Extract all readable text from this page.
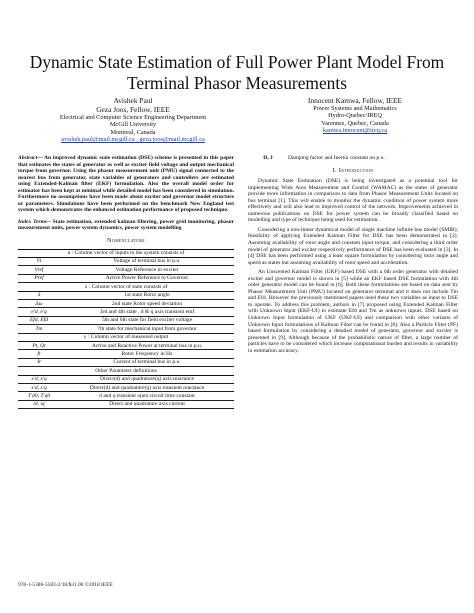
Dynamic State Estimation of Full Power Plant Model From Terminal Phasor Measurements
Avishek Paul
Geza Joos, Fellow, IEEE
Electrical and Computer Science Engineering Department
McGill University
Montreal, Canada
avishek.paul@mail.mcgill.ca , geza.joos@mail.mcgill.ca
Innocent Kamwa, Fellow, IEEE
Power Systems and Mathematics
Hydro-Quebec/IREQ
Varennes, Quebec, Canada
kamwa.innocent@ireq.ca

Abstract— An improved dynamic state estimation (DSE) scheme is presented in this paper that estimates the states of generator as well as exciter field voltage and output mechanical torque from governor. Using the phasor measurement unit (PMU) signal connected to the nearest bus from generator, state variables of generators and controllers are estimated using Extended-Kalman filter (EKF) formulation. Also the overall model order for estimator has been kept at minimal while detailed model has been considered in simulation. Furthermore no assumptions have been made about exciter and governor model structure or parameters. Simulations have been performed on the benchmark New England test system which demonstrates the enhanced estimation performance of proposed technique.

Index Terms-- State estimation, extended kalman filtering, power grid monitoring, phasor measurement units, power system dynamics, power system modelling

Nomenclature
u : Column vector of inputs to the system consists of	
Vt	Voltage of terminal bus in p.u.
Vref	Voltage Reference to exciter
Pref	Active Power Reference to Governor
x : Column vector of state consists of	
δ	1st state Rotor angle
Δω	2nd state Rotor speed deviation
e'd, e'q	3rd and 4th state , d & q axis transient emf
Efd, Efd	5th and 6th state for field exciter voltage
Tm	7th state for mechanical input from governor
y : Column vector of measured output	
Pt, Qt	Active and Reactive Power at terminal bus in p.u.
ft	Rotor Frequency in Hz
It	Current of terminal bus in p.u.
Other Parameter definitions	
x'd, x'q	Direct(d) and quadrature(q) axis reactance
x'd, x'q	Direct(d) and quadrature(q) axis transient reactance
T'd0, T'q0	d and q transient open circuit time constant
id, iq	Direct and quadrature axis current
D, J	Damping factor and Inertia constant on p.u.
I. Introduction

Dynamic State Estimation (DSE) is being investigated as a potential tool for implementing Wide Area Measurement and Control (WAMAC) as the states of generator provide more information in comparison to data from Phasor Measurement Units located on bus terminal [1]. This will enable to monitor the dynamic condition of power system more effectively and will also lead to improved control of the network. Improvements achieved in numerous publications on DSE for power system can be broadly classified based on modelling and type of technique being used for estimation.

Considering a non-linear dynamical model of single machine infinite bus model (SMIB), feasibility of applying Extended Kalman Filter for DSE has been demonstrated in [2]. Assuming availability of rotor angle and constant input torque, and considering a third order model of generator and exciter respectively performance of DSE has been evaluated in [3]. In [4] DSE has been performed using a least square formulation by considering rotor angle and speed as states but assuming availability of rotor speed and acceleration.

An Unscented Kalman Filter (UKF) based DSE with a 6th order generator with detailed exciter and governor model is shown in [5] while an EKF based DSE formulation with 4th order generator model can be found in [6]. Both these formulations are based on data sent by Phasor Measurement Unit (PMU) located on generator terminal and it does not include Tm and Efd. However the previously mentioned papers need these two variables as input to DSE to operate. To address this problem, authors in [7] proposed using Extended Kalman Filter with Unknown Input (EKF-UI) to estimate Efd and Tm as unknown inputs. DSE based on Unknown Input formulation of UKF (UKF-UI) and comparison with other variants of Unknown Input formulations of Kalman Filter can be found in [8]. Also a Particle Filter (PF) based formulation by considering a detailed model of generator, governor and exciter is presented in [9]. Although because of the probabilistic nature of filter, a large number of particles have to be considered which increase computational burden and results in variability in estimation accuracy.

978-1-5386-5583-2/18/$31.00 ©2018 IEEE
